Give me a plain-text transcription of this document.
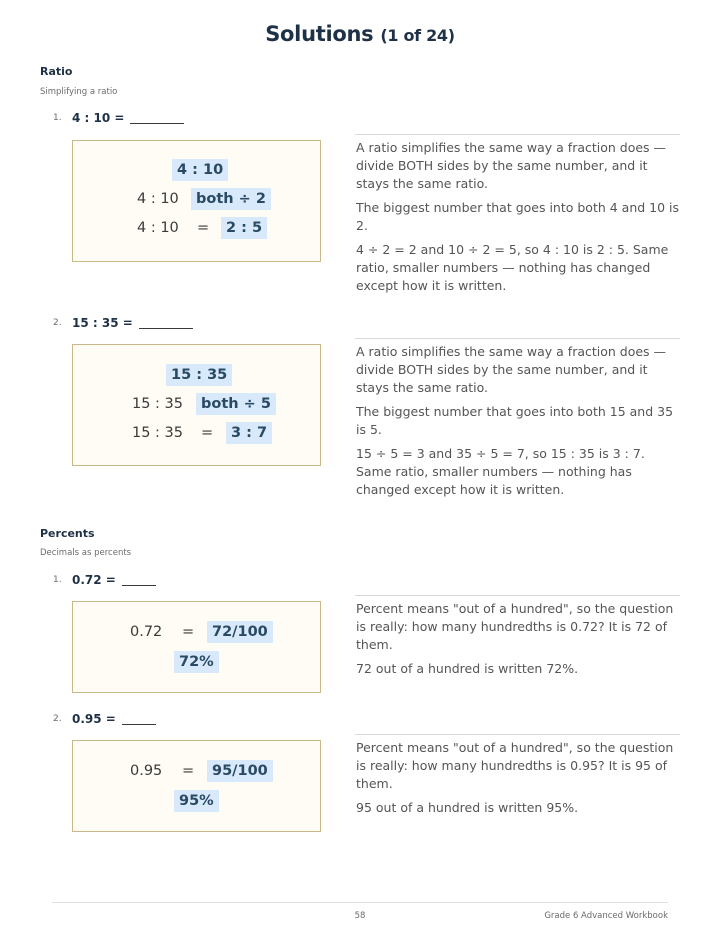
Solutions (1 of 24)
Ratio
Simplifying a ratio
1. 4 : 10 =
4 : 10
4 : 10	both ÷ 2
4 : 10 =	2 : 5

A ratio simplifies the same way a fraction does — divide BOTH sides by the same number, and it stays the same ratio.

The biggest number that goes into both 4 and 10 is 2.

4 ÷ 2 = 2 and 10 ÷ 2 = 5, so 4 : 10 is 2 : 5. Same ratio, smaller numbers — nothing has changed except how it is written.

2. 15 : 35 =
15 : 35
15 : 35	both ÷ 5
15 : 35 =	3 : 7

A ratio simplifies the same way a fraction does — divide BOTH sides by the same number, and it stays the same ratio.

The biggest number that goes into both 15 and 35 is 5.

15 ÷ 5 = 3 and 35 ÷ 5 = 7, so 15 : 35 is 3 : 7. Same ratio, smaller numbers — nothing has changed except how it is written.

Percents
Decimals as percents
1. 0.72 =
0.72 =	72/100
72%

Percent means "out of a hundred", so the question is really: how many hundredths is 0.72? It is 72 of them.

72 out of a hundred is written 72%.

2. 0.95 =
0.95 =	95/100
95%

Percent means "out of a hundred", so the question is really: how many hundredths is 0.95? It is 95 of them.

95 out of a hundred is written 95%.

58	Grade 6 Advanced Workbook
